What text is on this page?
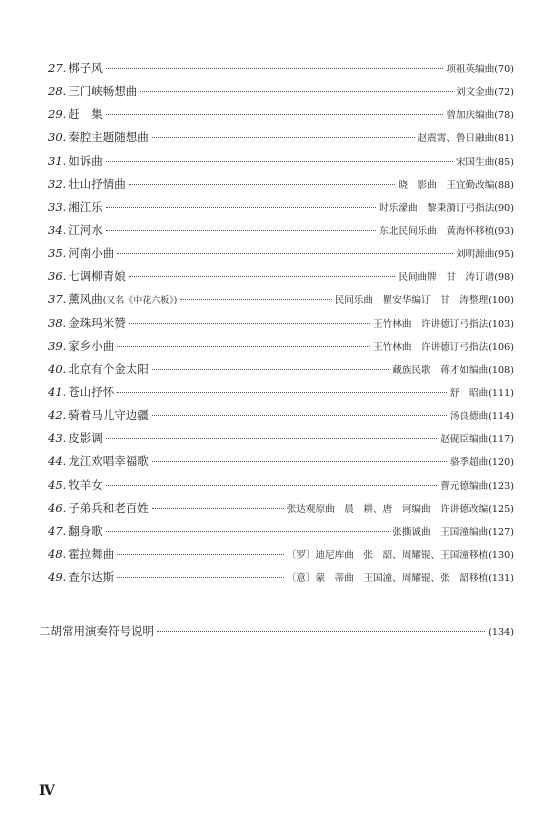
27. 梆子风	项祖英编曲 (70)
28. 三门峡畅想曲	刘文金曲 (72)
29. 赶　集	曾加庆编曲 (78)
30. 秦腔主题随想曲	赵震霄、鲁日融曲 (81)
31. 如诉曲	宋国生曲 (85)
32. 壮山抒情曲	晓　影曲　王宜勤改编 (88)
33. 湘江乐	时乐濛曲　黎秉漪订弓指法 (90)
34. 江河水	东北民间乐曲　黄海怀移植 (93)
35. 河南小曲	刘明源曲 (95)
36. 七调柳青娘	民间曲牌　甘　涛订谱 (98)
37. 薰风曲(又名《中花六板》)	民间乐曲　瞿安华编订　甘　涛整理 (100)
38. 金珠玛米赞	王竹林曲　许讲德订弓指法 (103)
39. 家乡小曲	王竹林曲　许讲德订弓指法 (106)
40. 北京有个金太阳	藏族民歌　蒋才如编曲 (108)
41. 苍山抒怀	舒　昭曲 (111)
42. 骑着马儿守边疆	汤良德曲 (114)
43. 皮影调	赵砚臣编曲 (117)
44. 龙江欢唱幸福歌	骆季超曲 (120)
45. 牧羊女	曹元德编曲 (123)
46. 子弟兵和老百姓	张达观原曲　晨　耕、唐　诃编曲　许讲德改编 (125)
47. 翻身歌	张撕诚曲　王国潼编曲 (127)
48. 霍拉舞曲	〔罗〕迪尼库曲　张　韶、周耀锟、王国潼移植 (130)
49. 查尔达斯	〔意〕蒙　蒂曲　王国潼、周耀锟、张　韶移植 (131)
二胡常用演奏符号说明	(134)
Ⅳ
